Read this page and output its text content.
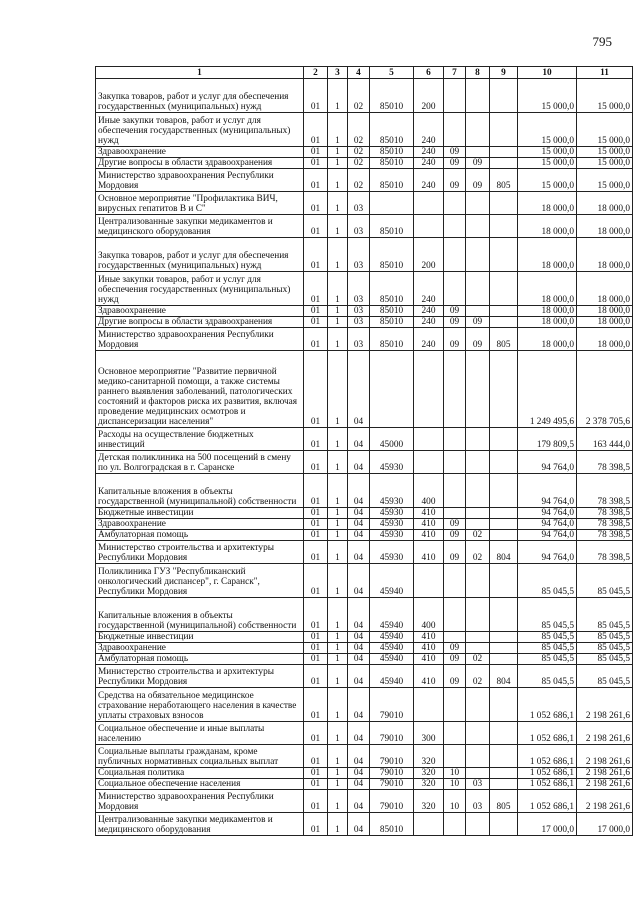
795
1	2	3	4	5	6	7	8	9	10	11
Закупка товаров, работ и услуг для обеспечения государственных (муниципальных) нужд	01	1	02	85010	200				15 000,0	15 000,0
Иные закупки товаров, работ и услуг для обеспечения государственных (муниципальных) нужд	01	1	02	85010	240				15 000,0	15 000,0
Здравоохранение	01	1	02	85010	240	09			15 000,0	15 000,0
Другие вопросы в области здравоохранения	01	1	02	85010	240	09	09		15 000,0	15 000,0
Министерство здравоохранения Республики Мордовия	01	1	02	85010	240	09	09	805	15 000,0	15 000,0
Основное мероприятие "Профилактика ВИЧ, вирусных гепатитов В и С"	01	1	03						18 000,0	18 000,0
Централизованные закупки медикаментов и медицинского оборудования	01	1	03	85010					18 000,0	18 000,0
Закупка товаров, работ и услуг для обеспечения государственных (муниципальных) нужд	01	1	03	85010	200				18 000,0	18 000,0
Иные закупки товаров, работ и услуг для обеспечения государственных (муниципальных) нужд	01	1	03	85010	240				18 000,0	18 000,0
Здравоохранение	01	1	03	85010	240	09			18 000,0	18 000,0
Другие вопросы в области здравоохранения	01	1	03	85010	240	09	09		18 000,0	18 000,0
Министерство здравоохранения Республики Мордовия	01	1	03	85010	240	09	09	805	18 000,0	18 000,0
Основное мероприятие "Развитие первичной медико-санитарной помощи, а также системы раннего выявления заболеваний, патологических состояний и факторов риска их развития, включая проведение медицинских осмотров и диспансеризации населения"	01	1	04						1 249 495,6	2 378 705,6
Расходы на осуществление бюджетных инвестиций	01	1	04	45000					179 809,5	163 444,0
Детская поликлиника на 500 посещений в смену по ул. Волгоградская в г. Саранске	01	1	04	45930					94 764,0	78 398,5
Капитальные вложения в объекты государственной (муниципальной) собственности	01	1	04	45930	400				94 764,0	78 398,5
Бюджетные инвестиции	01	1	04	45930	410				94 764,0	78 398,5
Здравоохранение	01	1	04	45930	410	09			94 764,0	78 398,5
Амбулаторная помощь	01	1	04	45930	410	09	02		94 764,0	78 398,5
Министерство строительства и архитектуры Республики Мордовия	01	1	04	45930	410	09	02	804	94 764,0	78 398,5
Поликлиника ГУЗ "Республиканский онкологический диспансер", г. Саранск", Республики Мордовия	01	1	04	45940					85 045,5	85 045,5
Капитальные вложения в объекты государственной (муниципальной) собственности	01	1	04	45940	400				85 045,5	85 045,5
Бюджетные инвестиции	01	1	04	45940	410				85 045,5	85 045,5
Здравоохранение	01	1	04	45940	410	09			85 045,5	85 045,5
Амбулаторная помощь	01	1	04	45940	410	09	02		85 045,5	85 045,5
Министерство строительства и архитектуры Республики Мордовия	01	1	04	45940	410	09	02	804	85 045,5	85 045,5
Средства на обязательное медицинское страхование неработающего населения в качестве уплаты страховых взносов	01	1	04	79010					1 052 686,1	2 198 261,6
Социальное обеспечение и иные выплаты населению	01	1	04	79010	300				1 052 686,1	2 198 261,6
Социальные выплаты гражданам, кроме публичных нормативных социальных выплат	01	1	04	79010	320				1 052 686,1	2 198 261,6
Социальная политика	01	1	04	79010	320	10			1 052 686,1	2 198 261,6
Социальное обеспечение населения	01	1	04	79010	320	10	03		1 052 686,1	2 198 261,6
Министерство здравоохранения Республики Мордовия	01	1	04	79010	320	10	03	805	1 052 686,1	2 198 261,6
Централизованные закупки медикаментов и медицинского оборудования	01	1	04	85010					17 000,0	17 000,0
